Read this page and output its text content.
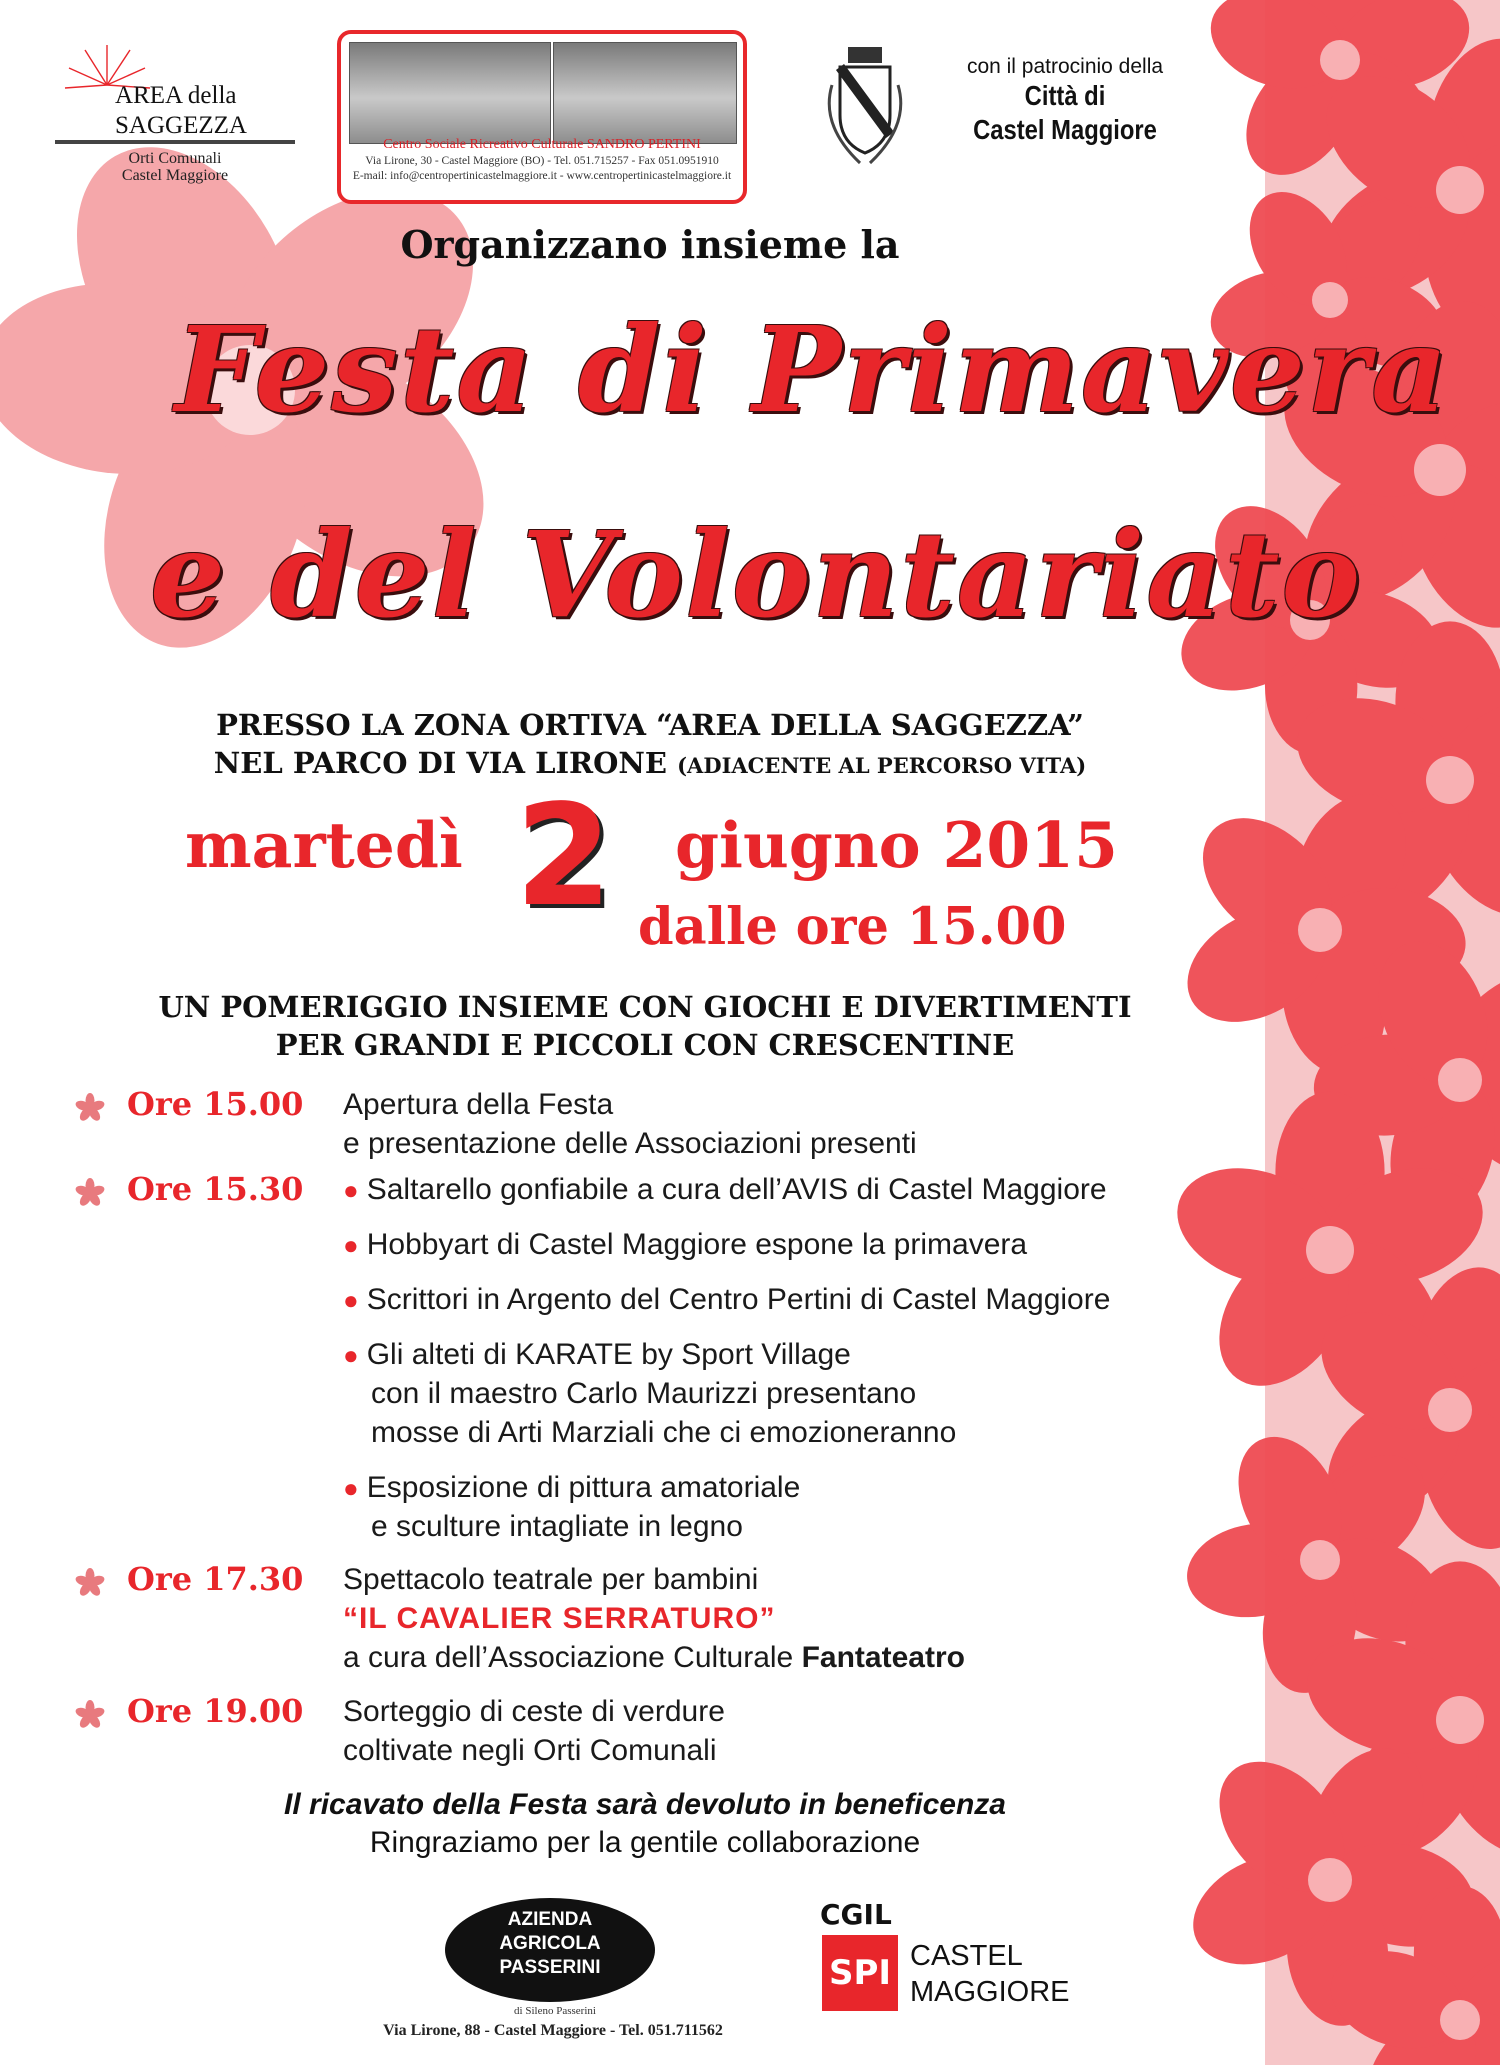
AREA della
SAGGEZZA
Orti Comunali
Castel Maggiore
Centro Sociale Ricreativo Culturale SANDRO PERTINI
Via Lirone, 30 - Castel Maggiore (BO) - Tel. 051.715257 - Fax 051.0951910
E-mail: info@centropertinicastelmaggiore.it - www.centropertinicastelmaggiore.it
con il patrocinio della
Città di
Castel Maggiore
Organizzano insieme la
Festa di Primavera
e del Volontariato
PRESSO LA ZONA ORTIVA “AREA DELLA SAGGEZZA”
NEL PARCO DI VIA LIRONE (ADIACENTE AL PERCORSO VITA)
martedì 2 giugno 2015
dalle ore 15.00
UN POMERIGGIO INSIEME CON GIOCHI E DIVERTIMENTI
PER GRANDI E PICCOLI CON CRESCENTINE
Ore 15.00 Apertura della Festa
e presentazione delle Associazioni presenti
Ore 15.30 ● Saltarello gonfiabile a cura dell’AVIS di Castel Maggiore
● Hobbyart di Castel Maggiore espone la primavera
● Scrittori in Argento del Centro Pertini di Castel Maggiore
● Gli alteti di KARATE by Sport Village
con il maestro Carlo Maurizzi presentano
mosse di Arti Marziali che ci emozioneranno
● Esposizione di pittura amatoriale
e sculture intagliate in legno
Ore 17.30 Spettacolo teatrale per bambini
“IL CAVALIER SERRATURO”
a cura dell’Associazione Culturale Fantateatro
Ore 19.00 Sorteggio di ceste di verdure
coltivate negli Orti Comunali
Il ricavato della Festa sarà devoluto in beneficenza
Ringraziamo per la gentile collaborazione
AZIENDA
AGRICOLA
PASSERINI
di Sileno Passerini
Via Lirone, 88 - Castel Maggiore - Tel. 051.711562
CGIL
SPI CASTEL
MAGGIORE
